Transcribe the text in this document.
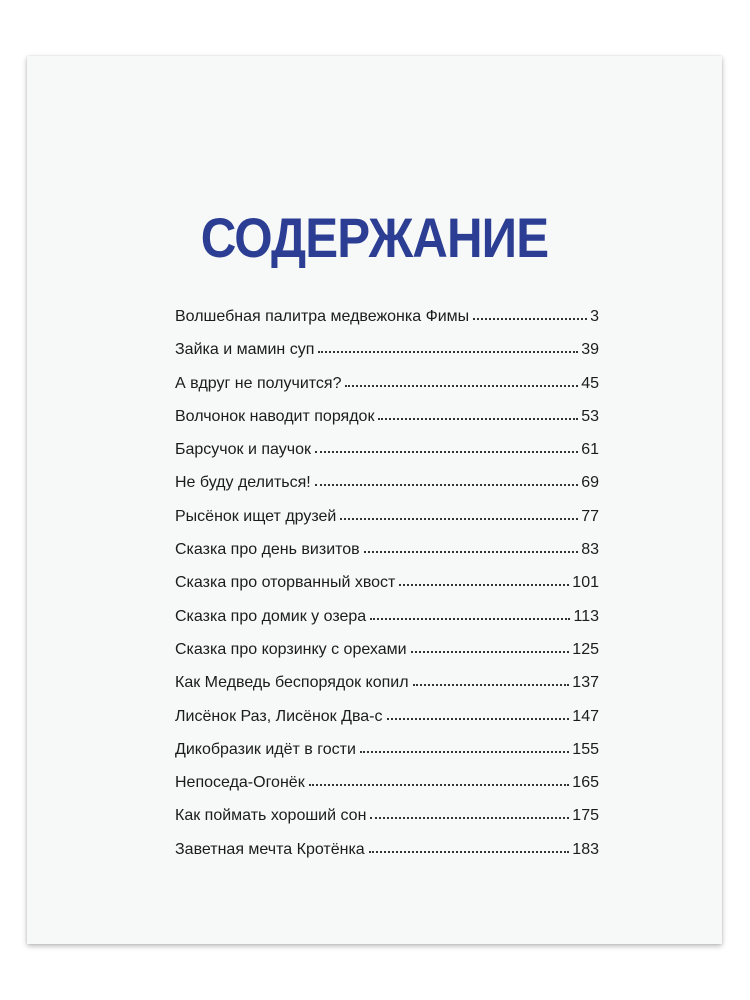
СОДЕРЖАНИЕ
Волшебная палитра медвежонка Фимы	3
Зайка и мамин суп	39
А вдруг не получится?	45
Волчонок наводит порядок	53
Барсучок и паучок	61
Не буду делиться!	69
Рысёнок ищет друзей	77
Сказка про день визитов	83
Сказка про оторванный хвост	101
Сказка про домик у озера	113
Сказка про корзинку с орехами	125
Как Медведь беспорядок копил	137
Лисёнок Раз, Лисёнок Два-с	147
Дикобразик идёт в гости	155
Непоседа-Огонёк	165
Как поймать хороший сон	175
Заветная мечта Кротёнка	183
